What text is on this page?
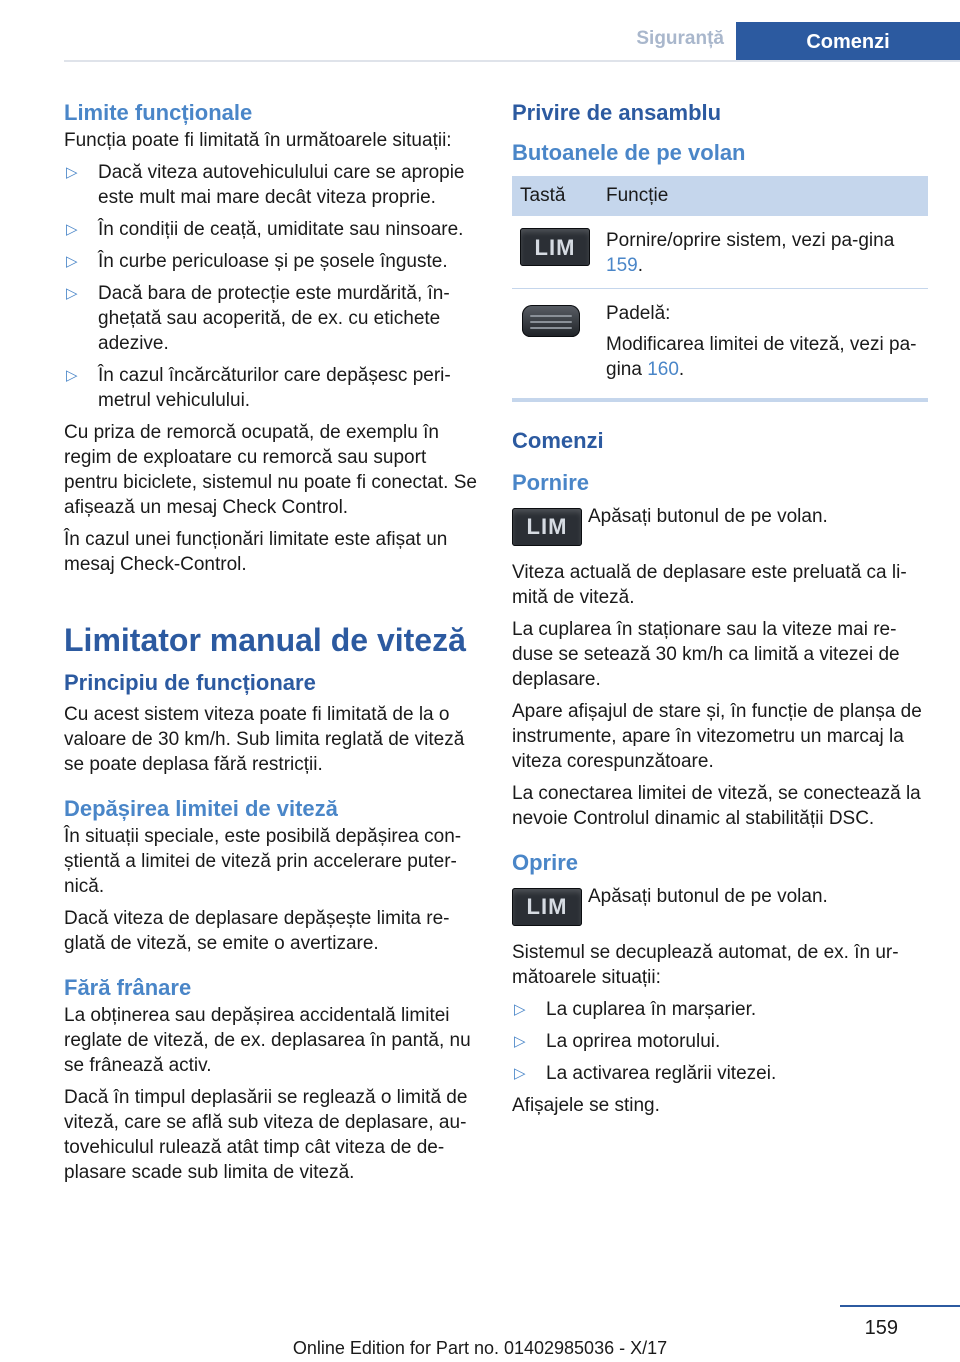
Siguranță	Comenzi
Limite funcționale

Funcția poate fi limitată în următoarele situații:

▷ Dacă viteza autovehiculului care se apropie este mult mai mare decât viteza proprie.
▷ În condiții de ceață, umiditate sau ninsoare.
▷ În curbe periculoase și pe șosele înguste.
▷ Dacă bara de protecție este murdărită, în-ghețată sau acoperită, de ex. cu etichete adezive.
▷ În cazul încărcăturilor care depășesc peri-metrul vehiculului.

Cu priza de remorcă ocupată, de exemplu în regim de exploatare cu remorcă sau suport pentru biciclete, sistemul nu poate fi conectat. Se afișează un mesaj Check Control.

În cazul unei funcționări limitate este afișat un mesaj Check-Control.

Limitator manual de viteză
Principiu de funcționare

Cu acest sistem viteza poate fi limitată de la o valoare de 30 km/h. Sub limita reglată de viteză se poate deplasa fără restricții.

Depășirea limitei de viteză

În situații speciale, este posibilă depășirea con-știentă a limitei de viteză prin accelerare puter-nică.

Dacă viteza de deplasare depășește limita re-glată de viteză, se emite o avertizare.

Fără frânare

La obținerea sau depășirea accidentală limitei reglate de viteză, de ex. deplasarea în pantă, nu se frânează activ.

Dacă în timpul deplasării se reglează o limită de viteză, care se află sub viteza de deplasare, au-tovehiculul rulează atât timp cât viteza de de-plasare scade sub limita de viteză.

Privire de ansamblu
Butoanele de pe volan
Tastă	Funcție

LIM	Pornire/oprire sistem, vezi pa-gina 159.

	Padelă:

Modificarea limitei de viteză, vezi pa-gina 160.

Comenzi
Pornire
LIM	Apăsați butonul de pe volan.

Viteza actuală de deplasare este preluată ca li-mită de viteză.

La cuplarea în staționare sau la viteze mai re-duse se setează 30 km/h ca limită a vitezei de deplasare.

Apare afișajul de stare și, în funcție de planșa de instrumente, apare în vitezometru un marcaj la viteza corespunzătoare.

La conectarea limitei de viteză, se conectează la nevoie Controlul dinamic al stabilității DSC.

Oprire
LIM	Apăsați butonul de pe volan.

Sistemul se decuplează automat, de ex. în ur-mătoarele situații:

▷ La cuplarea în marșarier.
▷ La oprirea motorului.
▷ La activarea reglării vitezei.

Afișajele se sting.

159
Online Edition for Part no. 01402985036 - X/17
